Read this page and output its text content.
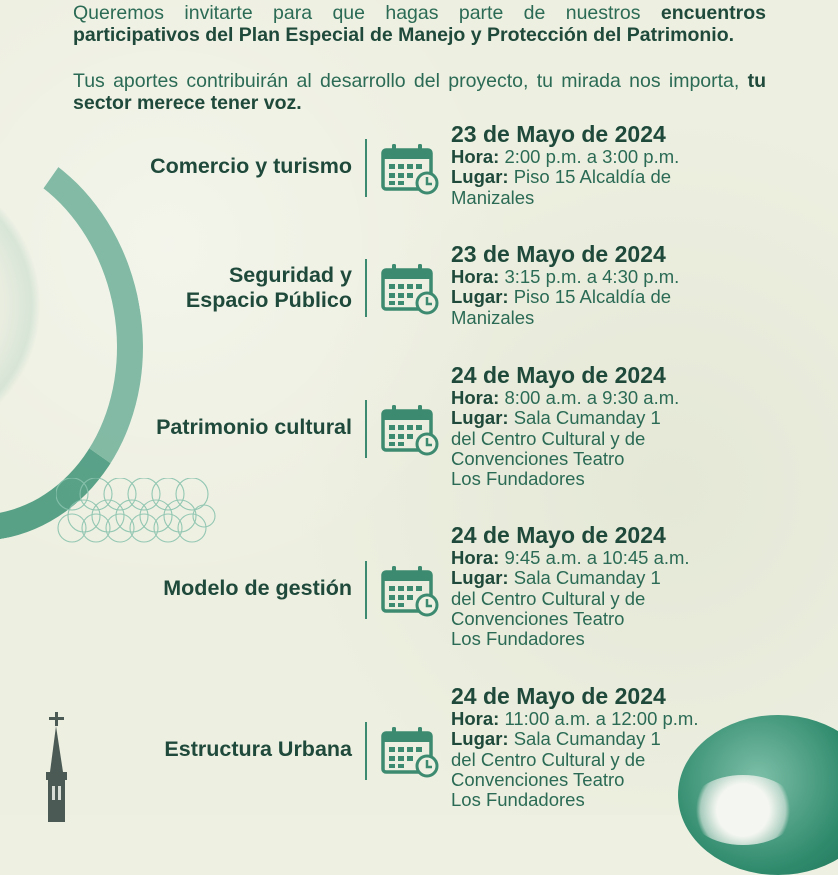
Queremos invitarte para que hagas parte de nuestros encuentros participativos del Plan Especial de Manejo y Protección del Patrimonio.

Tus aportes contribuirán al desarrollo del proyecto, tu mirada nos importa, tu sector merece tener voz.

Comercio y turismo
23 de Mayo de 2024
Hora: 2:00 p.m. a 3:00 p.m.
Lugar: Piso 15 Alcaldía de
Manizales
Seguridad y
Espacio Público
23 de Mayo de 2024
Hora: 3:15 p.m. a 4:30 p.m.
Lugar: Piso 15 Alcaldía de
Manizales
Patrimonio cultural
24 de Mayo de 2024
Hora: 8:00 a.m. a 9:30 a.m.
Lugar: Sala Cumanday 1
del Centro Cultural y de
Convenciones Teatro
Los Fundadores
Modelo de gestión
24 de Mayo de 2024
Hora: 9:45 a.m. a 10:45 a.m.
Lugar: Sala Cumanday 1
del Centro Cultural y de
Convenciones Teatro
Los Fundadores
Estructura Urbana
24 de Mayo de 2024
Hora: 11:00 a.m. a 12:00 p.m.
Lugar: Sala Cumanday 1
del Centro Cultural y de
Convenciones Teatro
Los Fundadores
